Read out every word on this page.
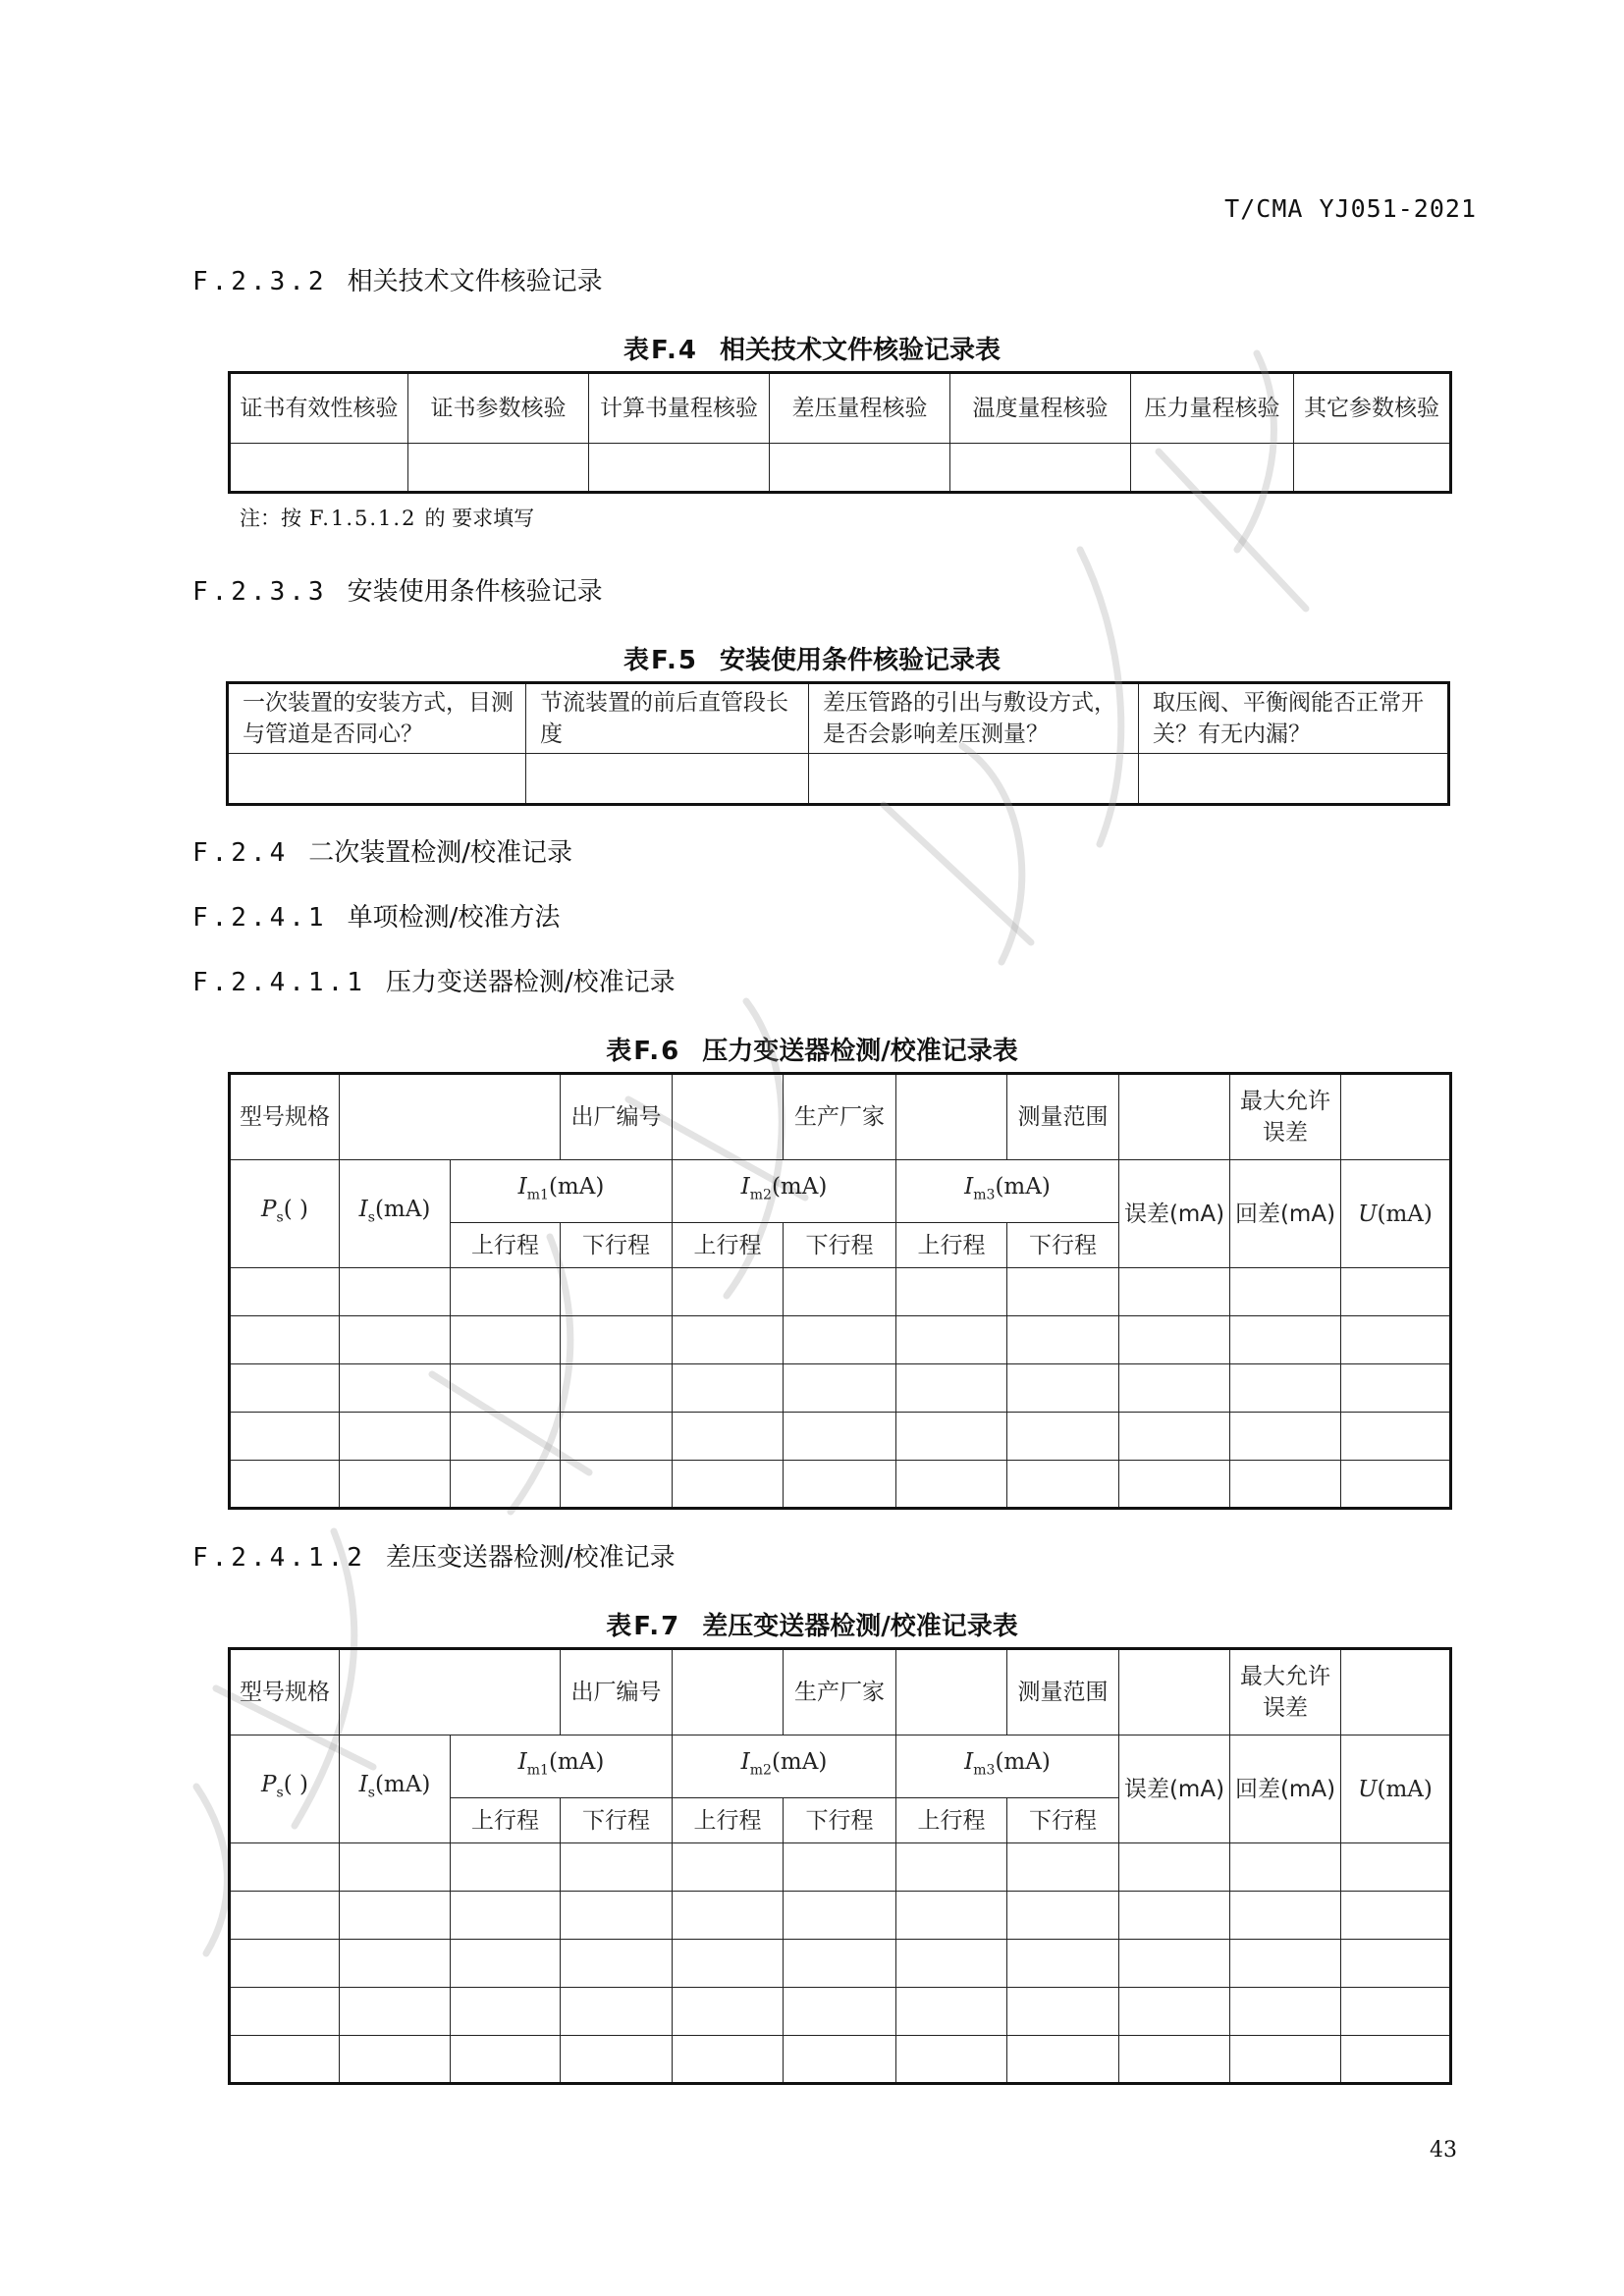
T/CMA YJ051-2021
F.2.3.2 相关技术文件核验记录
表F.4 相关技术文件核验记录表
证书有效性核验	证书参数核验	计算书量程核验	差压量程核验	温度量程核验	压力量程核验	其它参数核验

注：按 F.1.5.1.2 的 要求填写
F.2.3.3 安装使用条件核验记录
表F.5 安装使用条件核验记录表
一次装置的安装方式，目测与管道是否同心？	节流装置的前后直管段长度	差压管路的引出与敷设方式，是否会影响差压测量？	取压阀、平衡阀能否正常开关？有无内漏？

F.2.4 二次装置检测/校准记录
F.2.4.1 单项检测/校准方法
F.2.4.1.1 压力变送器检测/校准记录
表F.6 压力变送器检测/校准记录表
F.2.4.1.2 差压变送器检测/校准记录
表F.7 差压变送器检测/校准记录表
43
型号规格			出厂编号		生产厂家		测量范围		最大允许误差	
$P_s$( )	$I_s(mA)$	$I_{m1}(mA)$		$I_{m2}(mA)$		$I_{m3}(mA)$		误差(mA)	回差(mA)	U(mA)
		上行程	下行程	上行程	下行程	上行程	下行程			

型号规格			出厂编号		生产厂家		测量范围		最大允许误差	
$P_s$( )	$I_s(mA)$	$I_{m1}(mA)$		$I_{m2}(mA)$		$I_{m3}(mA)$		误差(mA)	回差(mA)	U(mA)
		上行程	下行程	上行程	下行程	上行程	下行程			
